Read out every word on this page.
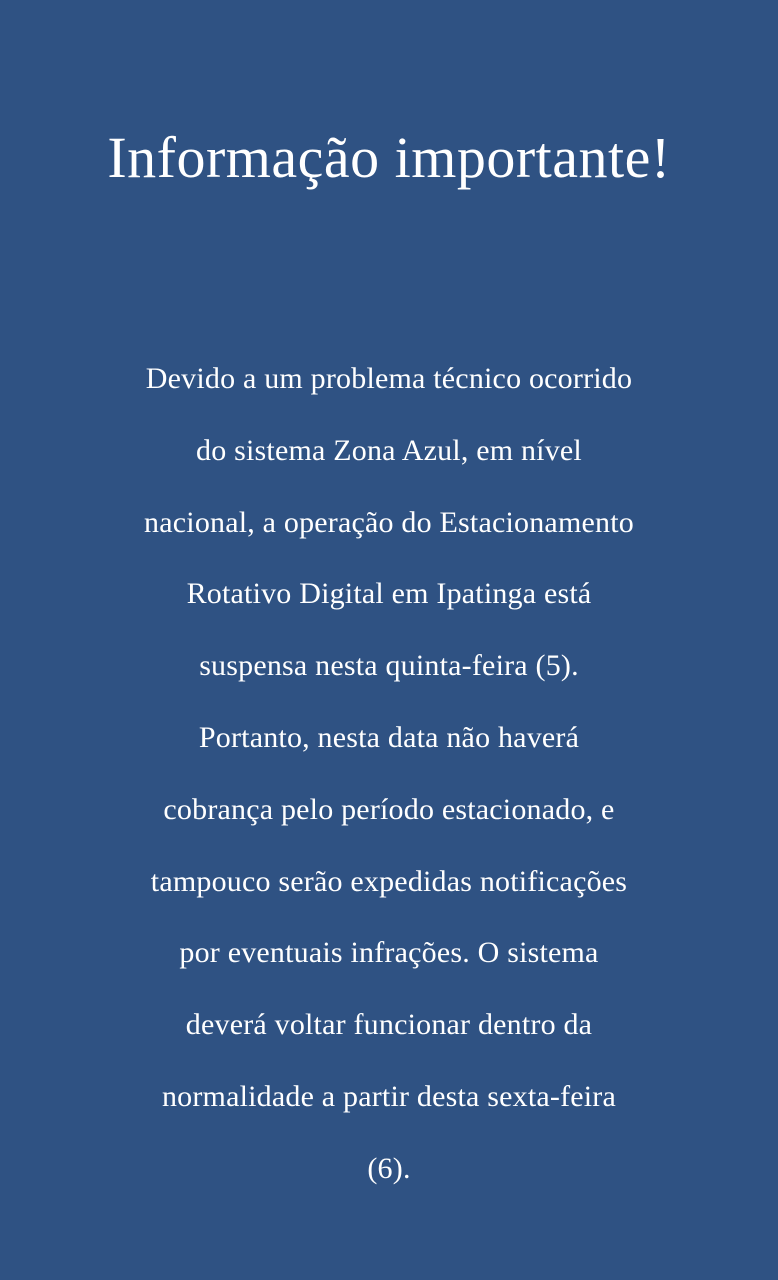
Informação importante!

Devido a um problema técnico ocorrido
do sistema Zona Azul, em nível
nacional, a operação do Estacionamento
Rotativo Digital em Ipatinga está
suspensa nesta quinta-feira (5).
Portanto, nesta data não haverá
cobrança pelo período estacionado, e
tampouco serão expedidas notificações
por eventuais infrações. O sistema
deverá voltar funcionar dentro da
normalidade a partir desta sexta-feira
(6).
